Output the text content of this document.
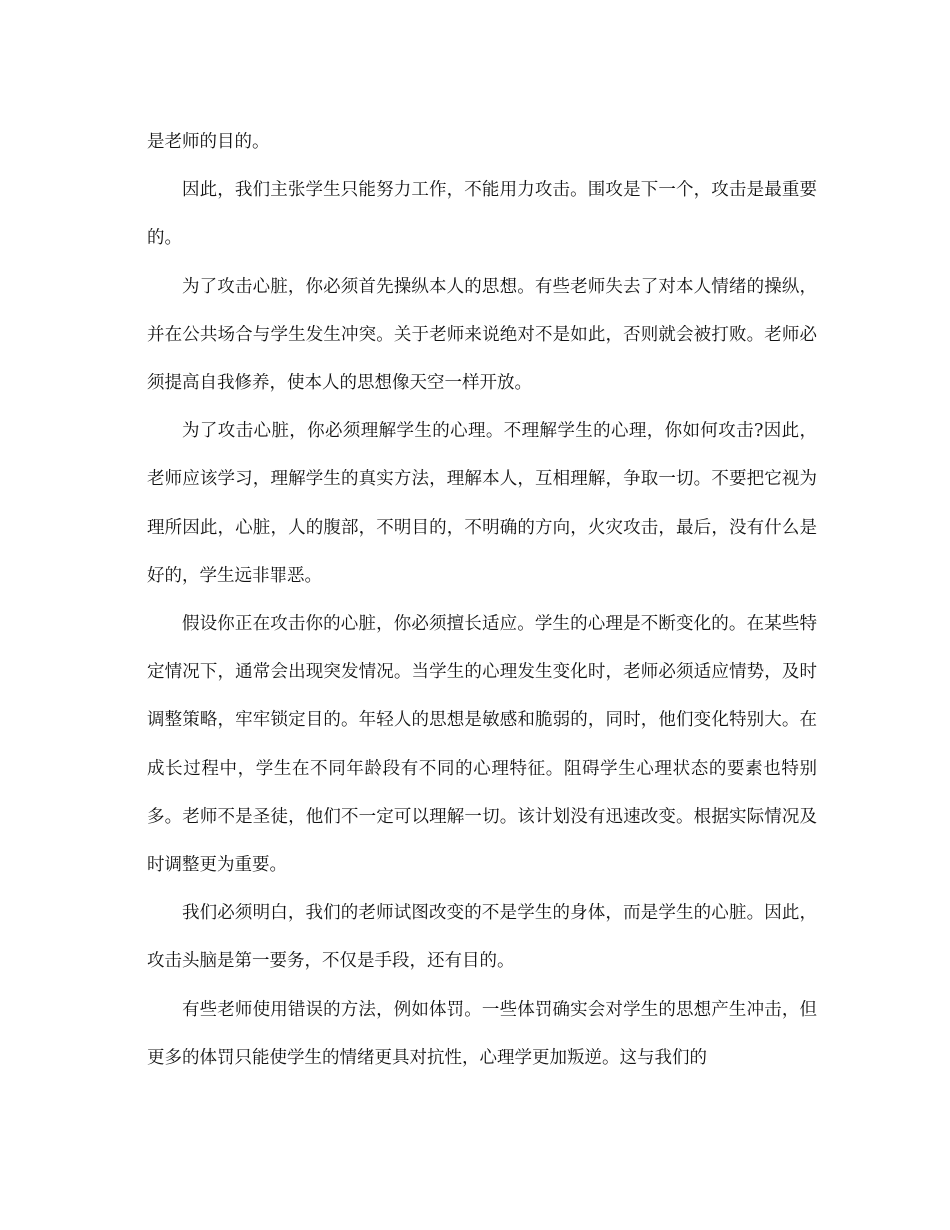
是老师的目的。

因此，我们主张学生只能努力工作，不能用力攻击。围攻是下一个，攻击是最重要的。

为了攻击心脏，你必须首先操纵本人的思想。有些老师失去了对本人情绪的操纵，并在公共场合与学生发生冲突。关于老师来说绝对不是如此，否则就会被打败。老师必须提高自我修养，使本人的思想像天空一样开放。

为了攻击心脏，你必须理解学生的心理。不理解学生的心理，你如何攻击?因此，老师应该学习，理解学生的真实方法，理解本人，互相理解，争取一切。不要把它视为理所因此，心脏，人的腹部，不明目的，不明确的方向，火灾攻击，最后，没有什么是好的，学生远非罪恶。

假设你正在攻击你的心脏，你必须擅长适应。学生的心理是不断变化的。在某些特定情况下，通常会出现突发情况。当学生的心理发生变化时，老师必须适应情势，及时调整策略，牢牢锁定目的。年轻人的思想是敏感和脆弱的，同时，他们变化特别大。在成长过程中，学生在不同年龄段有不同的心理特征。阻碍学生心理状态的要素也特别多。老师不是圣徒，他们不一定可以理解一切。该计划没有迅速改变。根据实际情况及时调整更为重要。

我们必须明白，我们的老师试图改变的不是学生的身体，而是学生的心脏。因此，攻击头脑是第一要务，不仅是手段，还有目的。

有些老师使用错误的方法，例如体罚。一些体罚确实会对学生的思想产生冲击，但更多的体罚只能使学生的情绪更具对抗性，心理学更加叛逆。这与我们的
